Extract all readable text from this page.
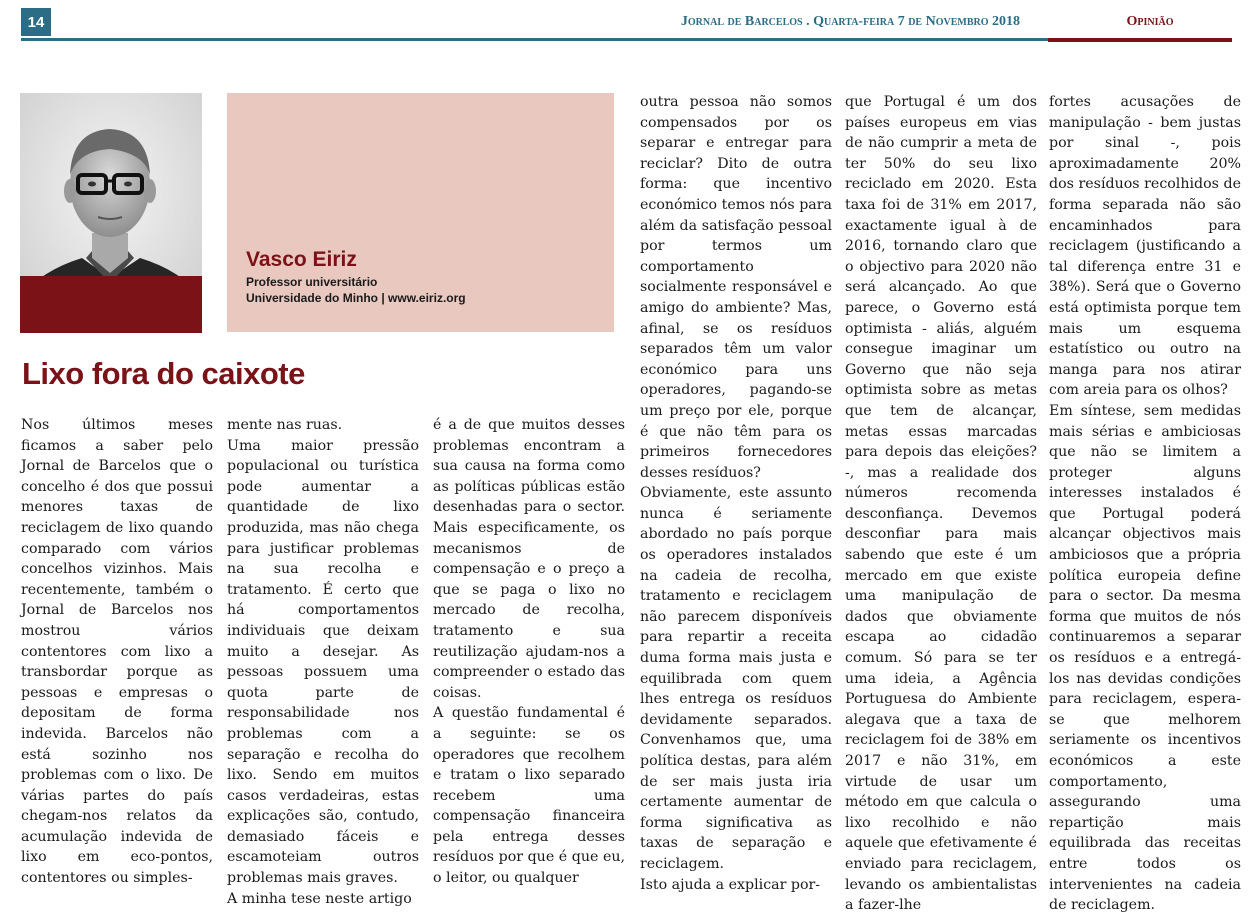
14	Jornal de Barcelos . Quarta-feira 7 de Novembro 2018	Opinião
Vasco Eiriz
Professor universitário
Universidade do Minho | www.eiriz.org
Lixo fora do caixote

Nos últimos meses ficamos a saber pelo Jornal de Barcelos que o concelho é dos que possui menores taxas de reciclagem de lixo quando comparado com vários concelhos vizinhos. Mais recentemente, também o Jornal de Barcelos nos mostrou vários contentores com lixo a transbordar porque as pessoas e empresas o depositam de forma indevida. Barcelos não está sozinho nos problemas com o lixo. De várias partes do país chegam-nos relatos da acumulação indevida de lixo em eco-pontos, contentores ou simples-

mente nas ruas.

Uma maior pressão populacional ou turística pode aumentar a quantidade de lixo produzida, mas não chega para justificar problemas na sua recolha e tratamento. É certo que há comportamentos individuais que deixam muito a desejar. As pessoas possuem uma quota parte de responsabilidade nos problemas com a separação e recolha do lixo. Sendo em muitos casos verdadeiras, estas explicações são, contudo, demasiado fáceis e escamoteiam outros problemas mais graves.

A minha tese neste artigo

é a de que muitos desses problemas encontram a sua causa na forma como as políticas públicas estão desenhadas para o sector. Mais especificamente, os mecanismos de compensação e o preço a que se paga o lixo no mercado de recolha, tratamento e sua reutilização ajudam-nos a compreender o estado das coisas.

A questão fundamental é a seguinte: se os operadores que recolhem e tratam o lixo separado recebem uma compensação financeira pela entrega desses resíduos por que é que eu, o leitor, ou qualquer

outra pessoa não somos compensados por os separar e entregar para reciclar? Dito de outra forma: que incentivo económico temos nós para além da satisfação pessoal por termos um comportamento socialmente responsável e amigo do ambiente? Mas, afinal, se os resíduos separados têm um valor económico para uns operadores, pagando-se um preço por ele, porque é que não têm para os primeiros fornecedores desses resíduos?

Obviamente, este assunto nunca é seriamente abordado no país porque os operadores instalados na cadeia de recolha, tratamento e reciclagem não parecem disponíveis para repartir a receita duma forma mais justa e equilibrada com quem lhes entrega os resíduos devidamente separados. Convenhamos que, uma política destas, para além de ser mais justa iria certamente aumentar de forma significativa as taxas de separação e reciclagem.

Isto ajuda a explicar por-

que Portugal é um dos países europeus em vias de não cumprir a meta de ter 50% do seu lixo reciclado em 2020. Esta taxa foi de 31% em 2017, exactamente igual à de 2016, tornando claro que o objectivo para 2020 não será alcançado. Ao que parece, o Governo está optimista - aliás, alguém consegue imaginar um Governo que não seja optimista sobre as metas que tem de alcançar, metas essas marcadas para depois das eleições? -, mas a realidade dos números recomenda desconfiança. Devemos desconfiar para mais sabendo que este é um mercado em que existe uma manipulação de dados que obviamente escapa ao cidadão comum. Só para se ter uma ideia, a Agência Portuguesa do Ambiente alegava que a taxa de reciclagem foi de 38% em 2017 e não 31%, em virtude de usar um método em que calcula o lixo recolhido e não aquele que efetivamente é enviado para reciclagem, levando os ambientalistas a fazer-lhe

fortes acusações de manipulação - bem justas por sinal -, pois aproximadamente 20% dos resíduos recolhidos de forma separada não são encaminhados para reciclagem (justificando a tal diferença entre 31 e 38%). Será que o Governo está optimista porque tem mais um esquema estatístico ou outro na manga para nos atirar com areia para os olhos?

Em síntese, sem medidas mais sérias e ambiciosas que não se limitem a proteger alguns interesses instalados é que Portugal poderá alcançar objectivos mais ambiciosos que a própria política europeia define para o sector. Da mesma forma que muitos de nós continuaremos a separar os resíduos e a entregá-los nas devidas condições para reciclagem, espera-se que melhorem seriamente os incentivos económicos a este comportamento, assegurando uma repartição mais equilibrada das receitas entre todos os intervenientes na cadeia de reciclagem.
